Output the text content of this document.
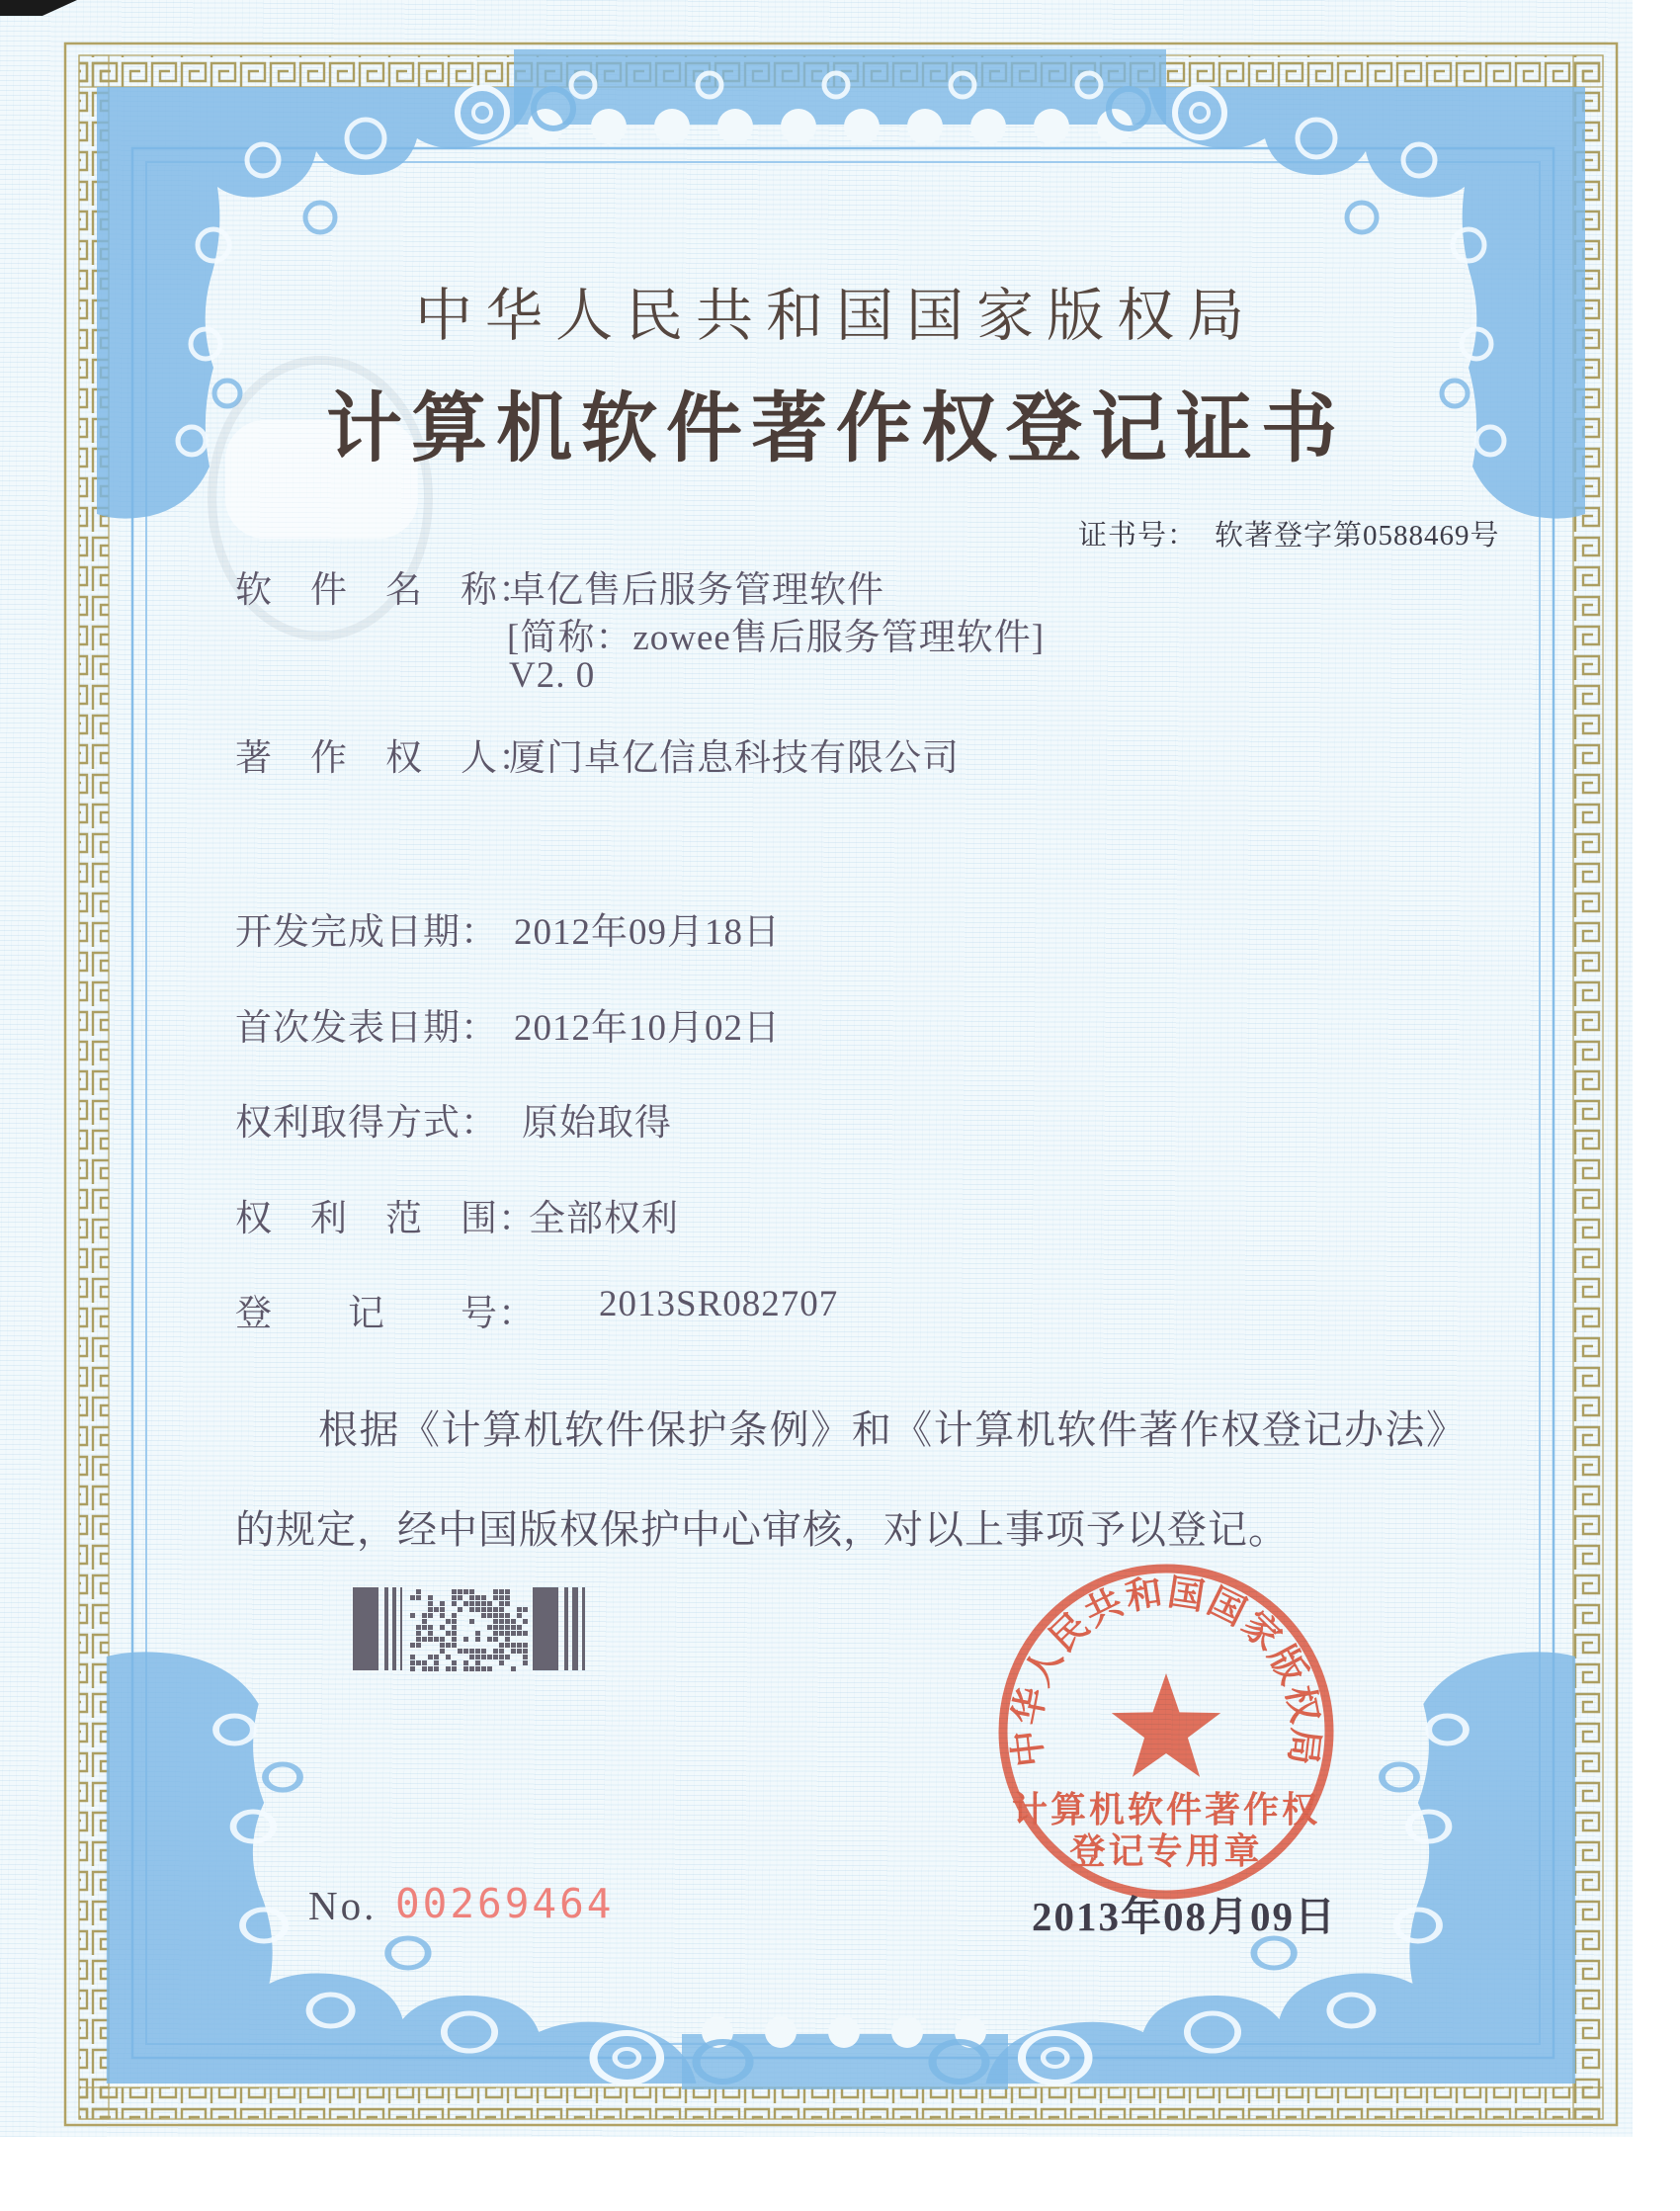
中华人民共和国国家版权局
计算机软件著作权登记证书

证书号： 软著登字第0588469号

软　件　名　称：
卓亿售后服务管理软件
[简称：zowee售后服务管理软件]
V2. 0
著　作　权　人：
厦门卓亿信息科技有限公司
开发完成日期： 2012年09月18日
首次发表日期： 2012年10月02日
权利取得方式： 原始取得
权　利　范　围：
全部权利
登　　记　　号： 2013SR082707
根据《计算机软件保护条例》和《计算机软件著作权登记办法》的规定，经中国版权保护中心审核，对以上事项予以登记。
中华人民共和国国家版权局
计算机软件著作权
登记专用章
2013年08月09日
No. 00269464
